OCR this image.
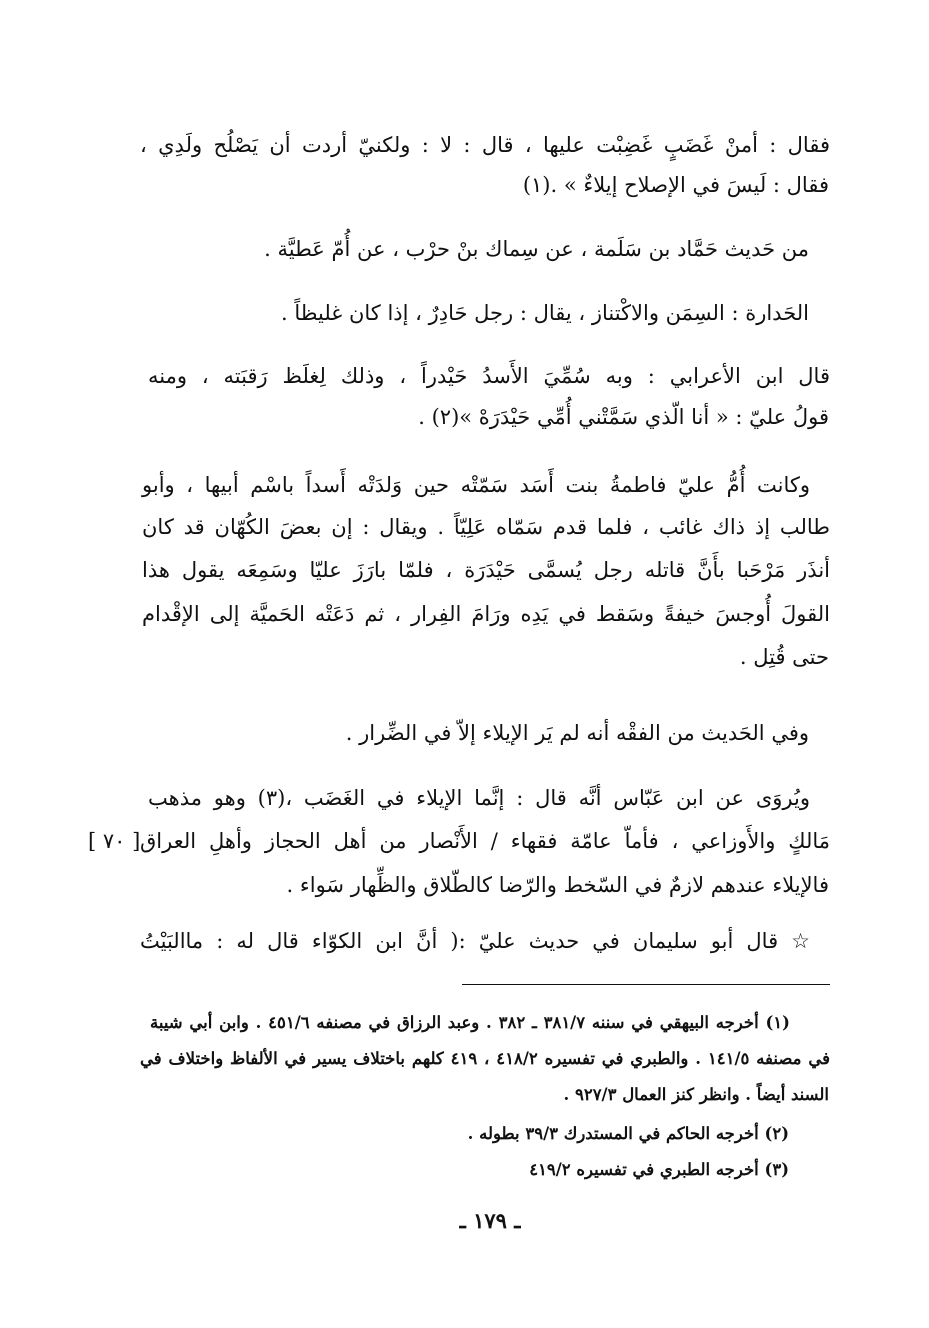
فقال : أمنْ غَضَبٍ غَضِبْت عليها ، قال : لا : ولكنيّ أردت أن يَصْلُح ولَدِي ،
فقال : لَيسَ في الإصلاح إيلاءٌ » .(١)
من حَديث حَمَّاد بن سَلَمة ، عن سِماك بنْ حرْب ، عن أُمّ عَطيَّة .
الحَدارة : السِمَن والاكْتناز ، يقال : رجل حَادِرٌ ، إذا كان غليظاً .
قال ابن الأعرابي : وبه سُمِّيَ الأَسدُ حَيْدراً ، وذلك لِغلَظ رَقبَته ، ومنه
قولُ عليّ : « أنا الّذي سَمَّتْني أُمِّي حَيْدَرَهْ »(٢) .
وكانت أُمُّ عليّ فاطمةُ بنت أَسَد سَمّتْه حين وَلدَتْه أَسداً باسْم أبيها ، وأبو
طالب إذ ذاك غائب ، فلما قدم سَمّاه عَلِيّاً . ويقال : إن بعضَ الكُهّان قد كان
أنذَر مَرْحَبا بأَنَّ قاتله رجل يُسمَّى حَيْدَرَة ، فلمّا بارَزَ عليّا وسَمِعَه يقول هذا
القولَ أُوجسَ خيفةً وسَقط في يَدِه ورَامَ الفِرار ، ثم دَعَتْه الحَميَّة إلى الإقْدام
حتى قُتِل .
وفي الحَديث من الفقْه أنه لم يَر الإيلاء إلاّ في الضِّرار .
ويُروَى عن ابن عَبّاس أنَّه قال : إنَّما الإيلاء في الغَضَب ،(٣) وهو مذهب
مَالكٍ والأَوزاعي ، فأماّ عامّة فقهاء / الأَنْصار من أهل الحجاز وأهلِ العراق
فالإيلاء عندهم لازمٌ في السّخط والرّضا كالطّلاق والظِّهار سَواء .
☆ قال أبو سليمان في حديث عليّ :( أنَّ ابن الكوّاء قال له : ماالبَيْتُ
[ ٧٠ ]
(١) أخرجه البيهقي في سننه ٣٨١/٧ ـ ٣٨٢ . وعبد الرزاق في مصنفه ٤٥١/٦ . وابن أبي شيبة
في مصنفه ١٤١/٥ . والطبري في تفسيره ٤١٨/٢ ، ٤١٩ كلهم باختلاف يسير في الألفاظ واختلاف في
السند أيضاً . وانظر كنز العمال ٩٢٧/٣ .
(٢) أخرجه الحاكم في المستدرك ٣٩/٣ بطوله .
(٣) أخرجه الطبري في تفسيره ٤١٩/٢
ـ ١٧٩ ـ
